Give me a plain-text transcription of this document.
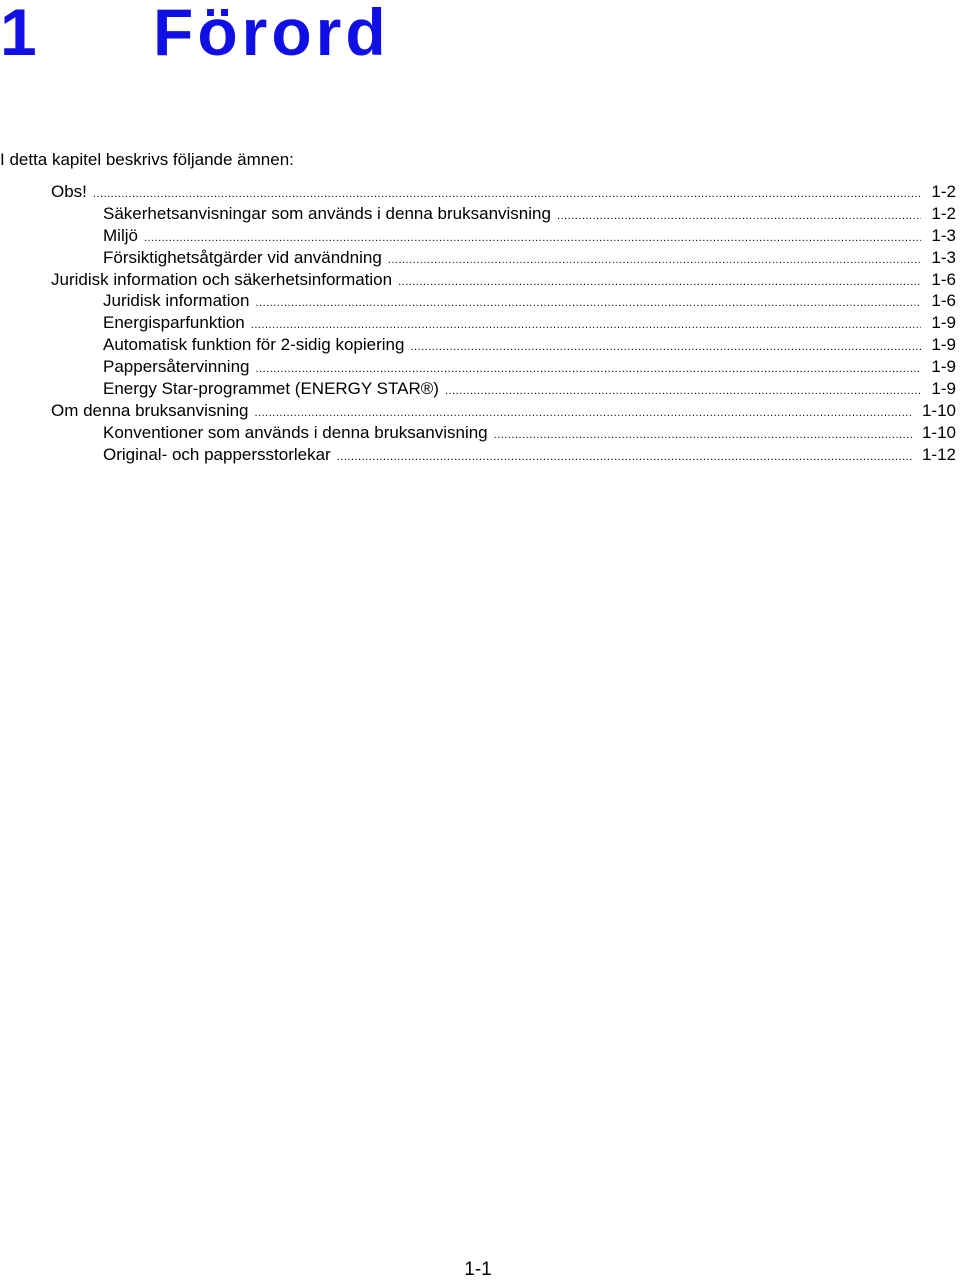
1 Förord
I detta kapitel beskrivs följande ämnen:
Obs! .....	1-2
Säkerhetsanvisningar som används i denna bruksanvisning .....	1-2
Miljö .....	1-3
Försiktighetsåtgärder vid användning .....	1-3
Juridisk information och säkerhetsinformation .....	1-6
Juridisk information .....	1-6
Energisparfunktion .....	1-9
Automatisk funktion för 2-sidig kopiering .....	1-9
Pappersåtervinning .....	1-9
Energy Star-programmet (ENERGY STAR®) .....	1-9
Om denna bruksanvisning .....	1-10
Konventioner som används i denna bruksanvisning .....	1-10
Original- och pappersstorlekar .....	1-12
1-1
